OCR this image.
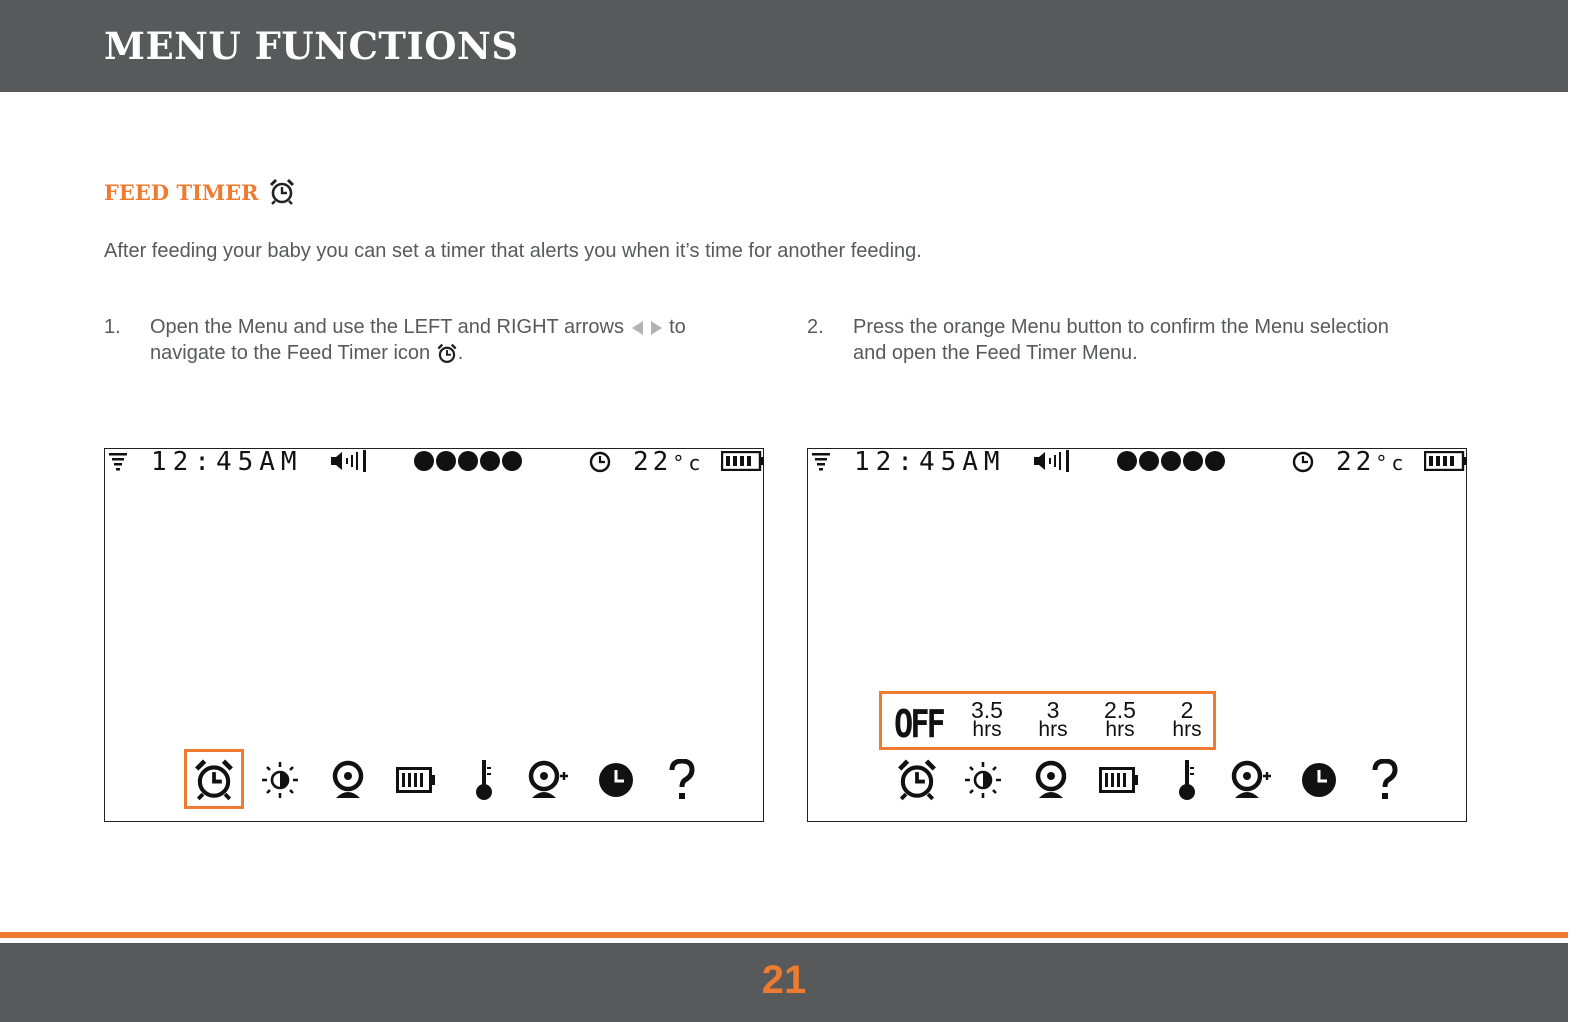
MENU FUNCTIONS
FEED TIMER
After feeding your baby you can set a timer that alerts you when it’s time for another feeding.
1. Open the Menu and use the LEFT and RIGHT arrows to
navigate to the Feed Timer icon .
2. Press the orange Menu button to confirm the Menu selection
and open the Feed Timer Menu.
12:45AM	22°c	12:45AM	22°c
OFF	3.5
hrs
3
hrs
2.5
hrs
2
hrs
21
